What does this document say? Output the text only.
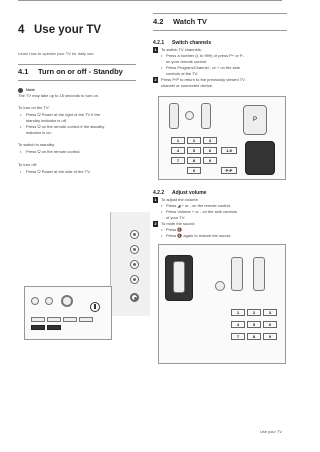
4 Use your TV
Learn how to operate your TV for daily use.
4.1 Turn on or off - Standby
Note
The TV may take up to 15 seconds to turn on.
To turn on the TV:
• Press ⏻ Power at the right of the TV if the
standby indicator is off.
• Press ⏻ on the remote control if the standby
indicator is on.
To switch to standby:
• Press ⏻ on the remote control.
To turn off:
• Press ⏻ Power at the side of the TV.
4.2 Watch TV
4.2.1 Switch channels
1	To switch TV channels:
• Press a number (1 to 999) or press P+ or P-
on your remote control.
• Press Program/Channel - or + on the side
controls of the TV.
2	Press P‹P to return to the previously viewed TV
channel or connected device.
P
1	2	3
4	5	6
7	8	9
0
1-9
P‹P
4.2.2 Adjust volume
1	To adjust the volume:
• Press ◢ + or - on the remote control.
• Press Volume + or - on the side controls
of your TV.
2	To mute the sound:
• Press 🔇.
• Press 🔇 again to restore the sound.
1	2	3
4	5	6
7	8	9
Use your TV
